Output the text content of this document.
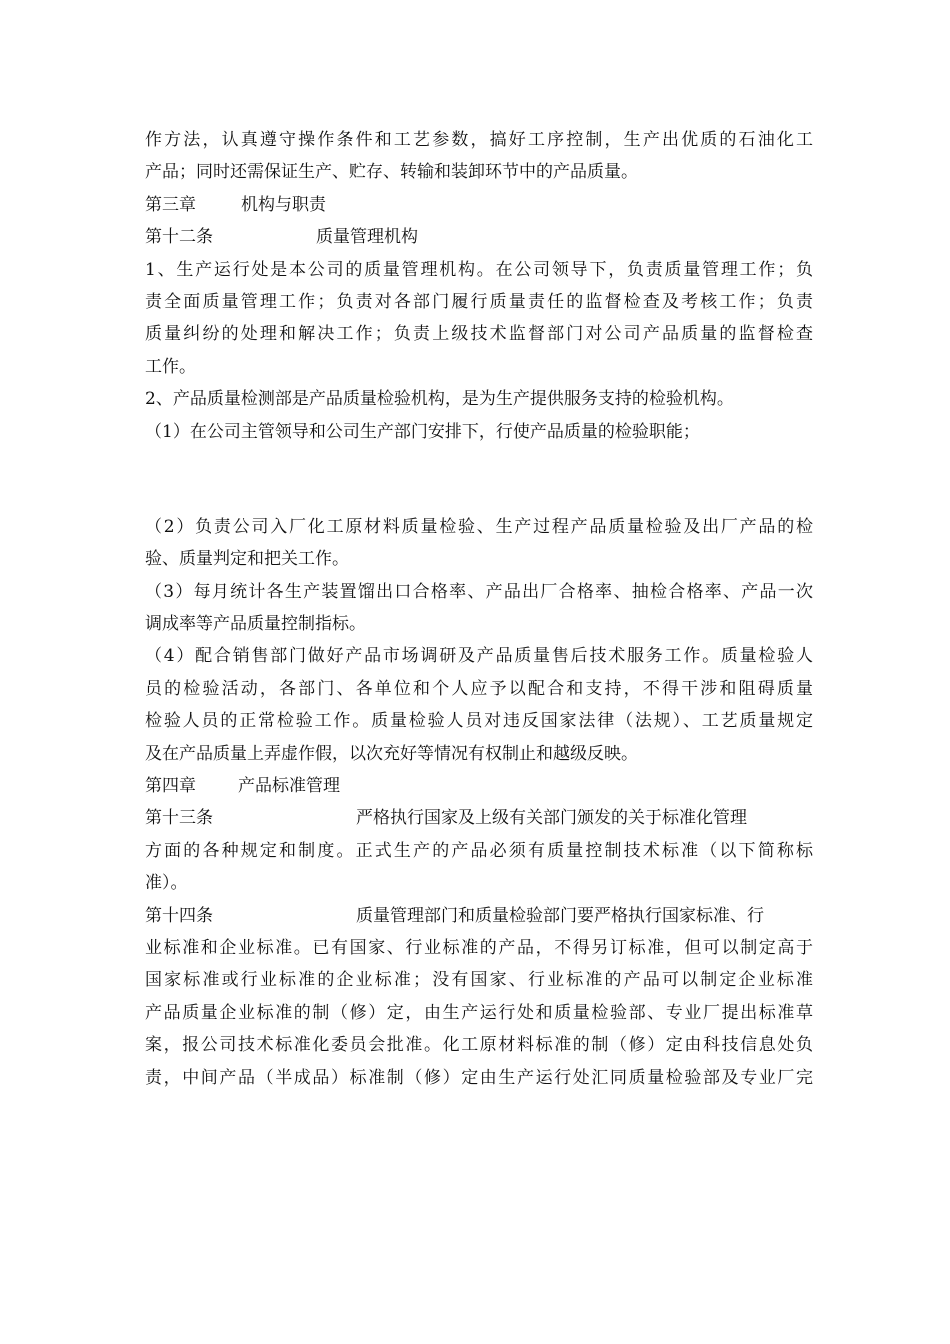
作方法，认真遵守操作条件和工艺参数，搞好工序控制，生产出优质的石油化工
产品；同时还需保证生产、贮存、转输和装卸环节中的产品质量。
第三章	机构与职责
第十二条	质量管理机构
1、生产运行处是本公司的质量管理机构。在公司领导下，负责质量管理工作；负
责全面质量管理工作；负责对各部门履行质量责任的监督检查及考核工作；负责
质量纠纷的处理和解决工作；负责上级技术监督部门对公司产品质量的监督检查
工作。
2、产品质量检测部是产品质量检验机构，是为生产提供服务支持的检验机构。
（1）在公司主管领导和公司生产部门安排下，行使产品质量的检验职能；
（2）负责公司入厂化工原材料质量检验、生产过程产品质量检验及出厂产品的检
验、质量判定和把关工作。
（3）每月统计各生产装置馏出口合格率、产品出厂合格率、抽检合格率、产品一次
调成率等产品质量控制指标。
（4）配合销售部门做好产品市场调研及产品质量售后技术服务工作。质量检验人
员的检验活动，各部门、各单位和个人应予以配合和支持，不得干涉和阻碍质量
检验人员的正常检验工作。质量检验人员对违反国家法律（法规）、工艺质量规定
及在产品质量上弄虚作假，以次充好等情况有权制止和越级反映。
第四章 产品标准管理
第十三条	严格执行国家及上级有关部门颁发的关于标准化管理
方面的各种规定和制度。正式生产的产品必须有质量控制技术标准（以下简称标
准）。
第十四条	质量管理部门和质量检验部门要严格执行国家标准、行
业标准和企业标准。已有国家、行业标准的产品，不得另订标准，但可以制定高于
国家标准或行业标准的企业标准；没有国家、行业标准的产品可以制定企业标准
产品质量企业标准的制（修）定，由生产运行处和质量检验部、专业厂提出标准草
案，报公司技术标准化委员会批准。化工原材料标准的制（修）定由科技信息处负
责，中间产品（半成品）标准制（修）定由生产运行处汇同质量检验部及专业厂完
